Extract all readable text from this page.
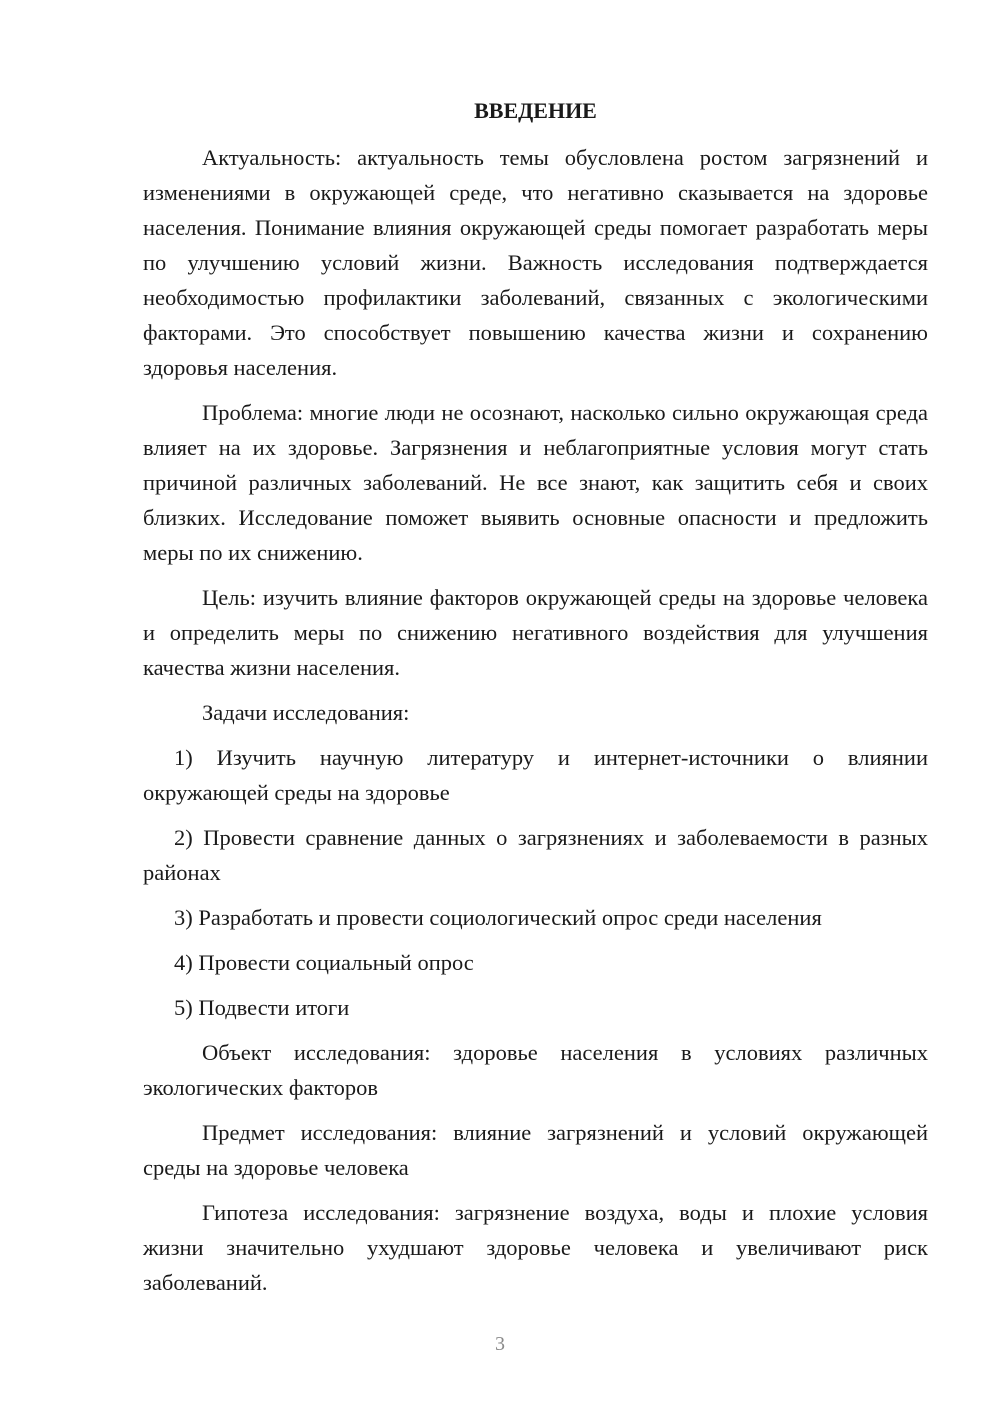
ВВЕДЕНИЕ

Актуальность: актуальность темы обусловлена ростом загрязнений и изменениями в окружающей среде, что негативно сказывается на здоровье населения. Понимание влияния окружающей среды помогает разработать меры по улучшению условий жизни. Важность исследования подтверждается необходимостью профилактики заболеваний, связанных с экологическими факторами. Это способствует повышению качества жизни и сохранению здоровья населения.

Проблема: многие люди не осознают, насколько сильно окружающая среда влияет на их здоровье. Загрязнения и неблагоприятные условия могут стать причиной различных заболеваний. Не все знают, как защитить себя и своих близких. Исследование поможет выявить основные опасности и предложить меры по их снижению.

Цель: изучить влияние факторов окружающей среды на здоровье человека и определить меры по снижению негативного воздействия для улучшения качества жизни населения.

Задачи исследования:

1) Изучить научную литературу и интернет-источники о влиянии окружающей среды на здоровье

2) Провести сравнение данных о загрязнениях и заболеваемости в разных районах

3) Разработать и провести социологический опрос среди населения

4) Провести социальный опрос

5) Подвести итоги

Объект исследования: здоровье населения в условиях различных экологических факторов

Предмет исследования: влияние загрязнений и условий окружающей среды на здоровье человека

Гипотеза исследования: загрязнение воздуха, воды и плохие условия жизни значительно ухудшают здоровье человека и увеличивают риск заболеваний.

3
